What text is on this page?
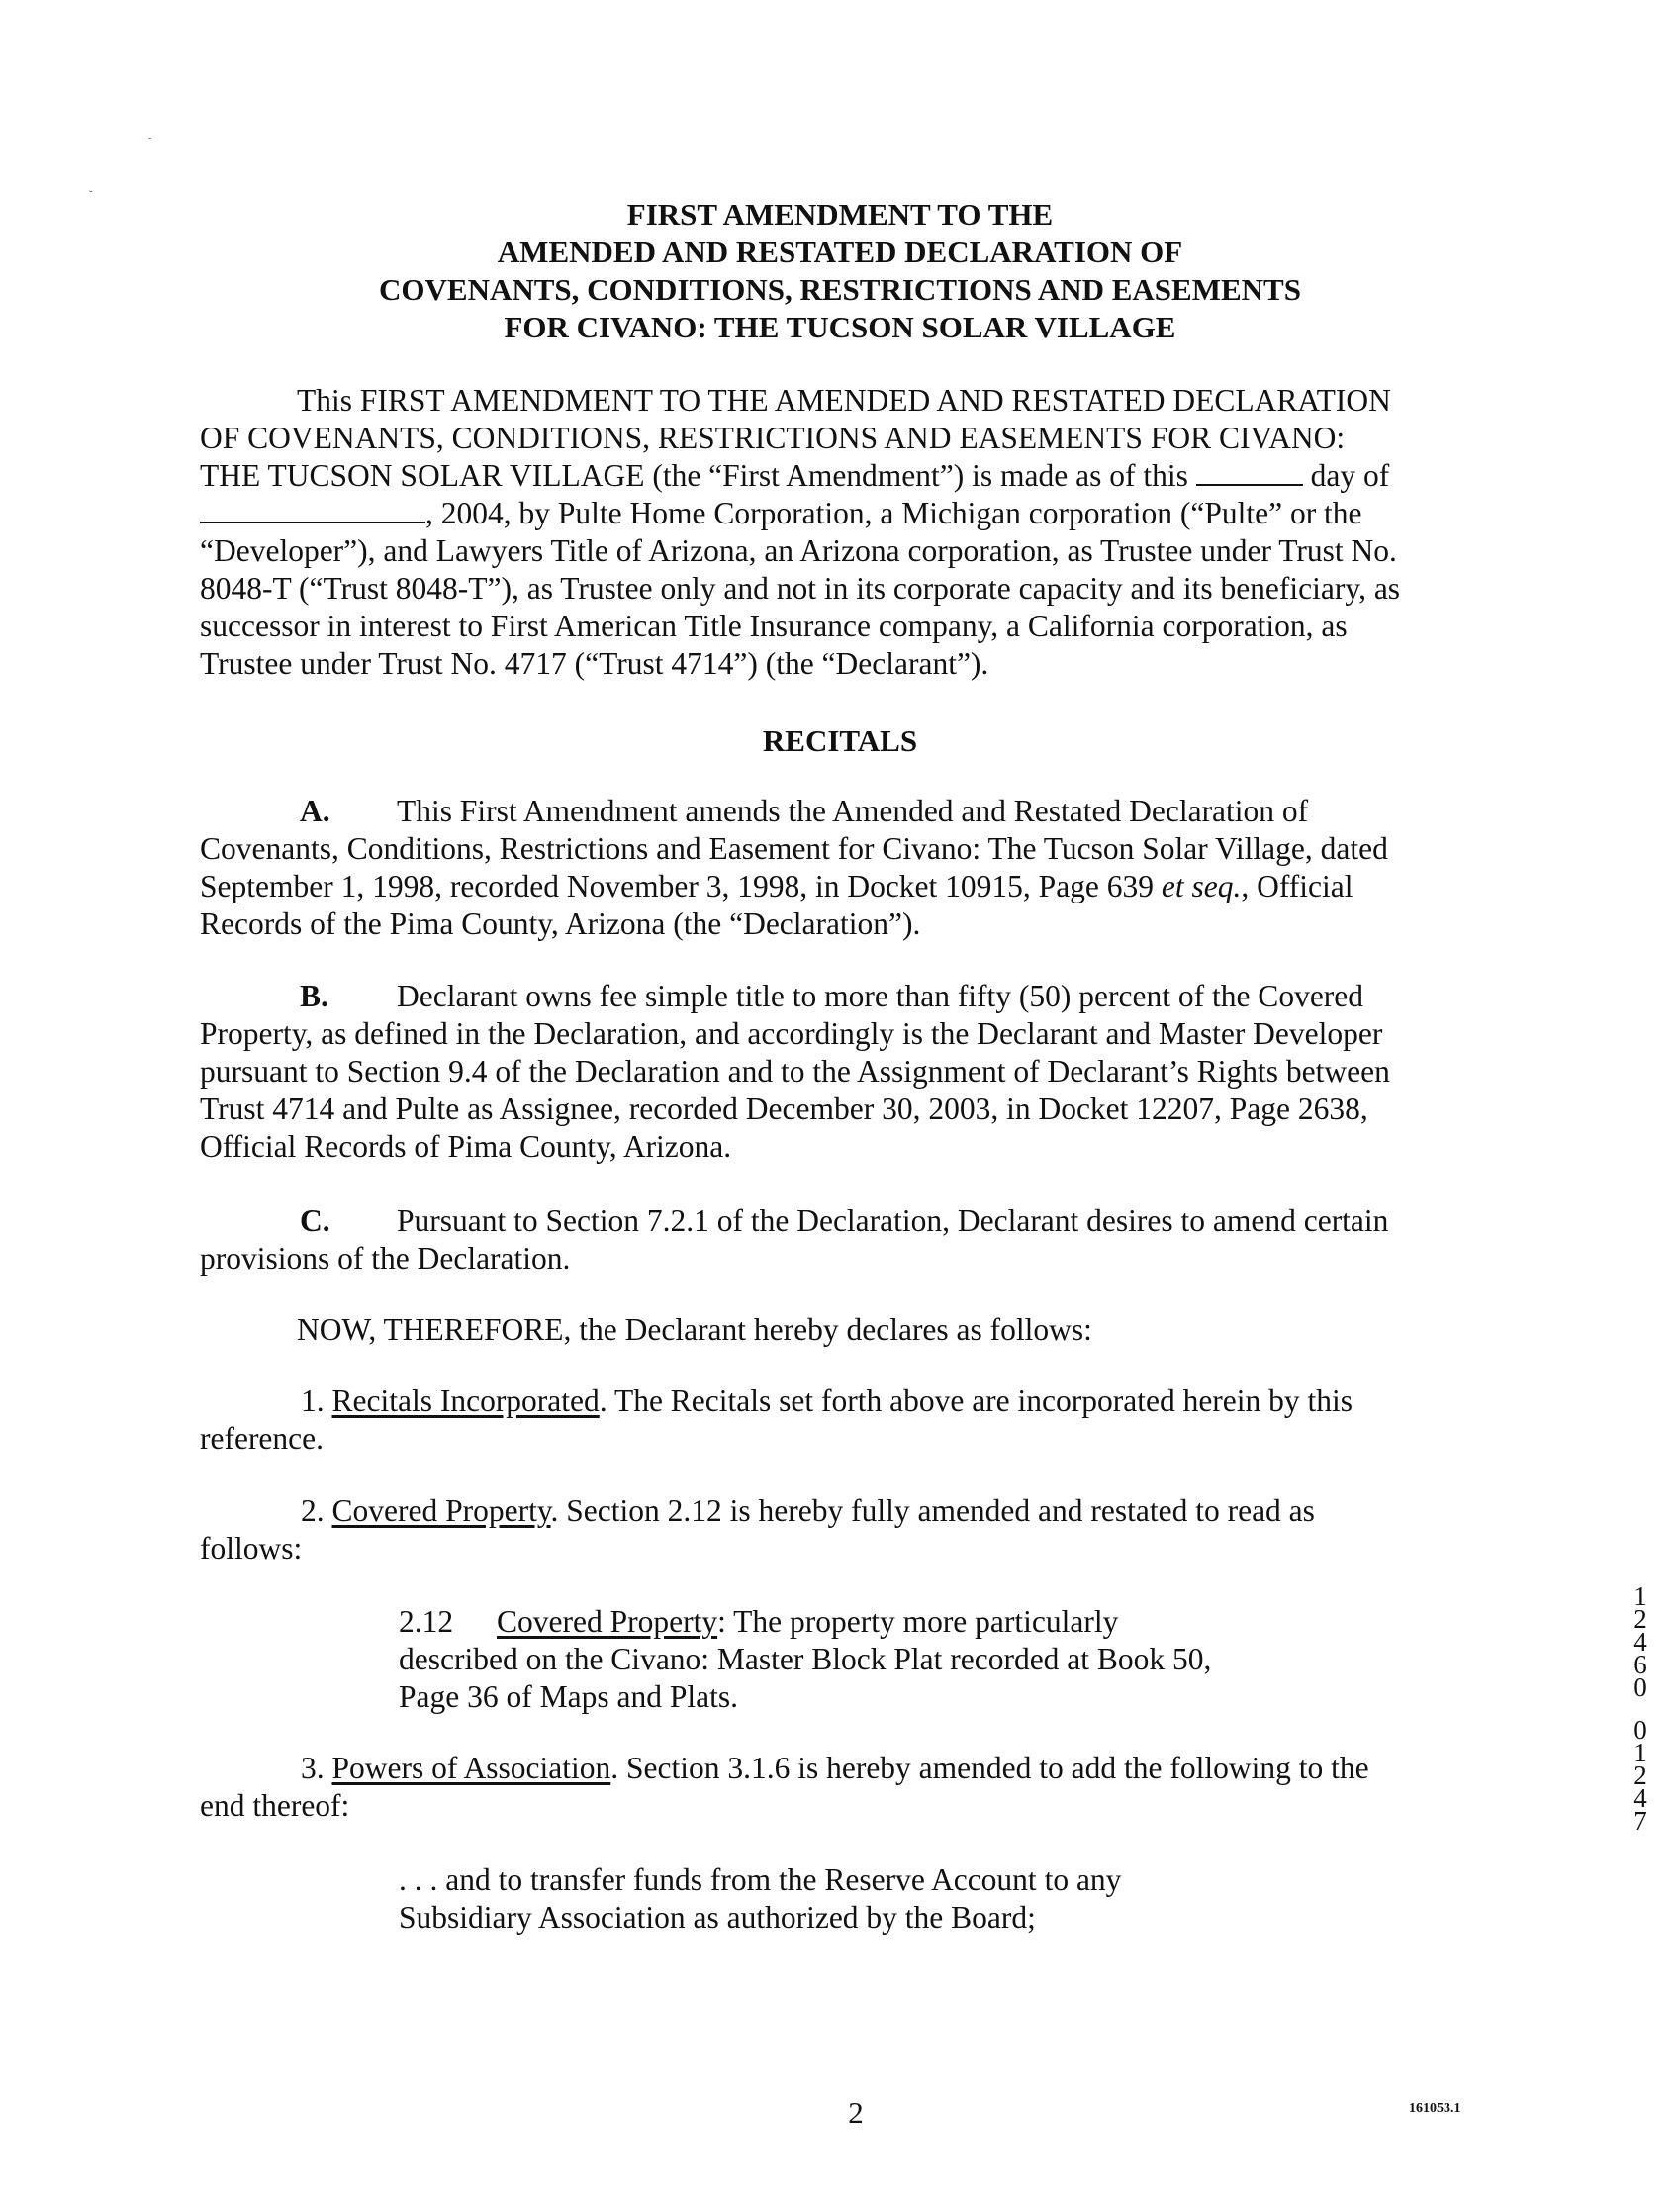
˜
ˇ
FIRST AMENDMENT TO THE
AMENDED AND RESTATED DECLARATION OF
COVENANTS, CONDITIONS, RESTRICTIONS AND EASEMENTS
FOR CIVANO: THE TUCSON SOLAR VILLAGE
This FIRST AMENDMENT TO THE AMENDED AND RESTATED DECLARATION
OF COVENANTS, CONDITIONS, RESTRICTIONS AND EASEMENTS FOR CIVANO:
THE TUCSON SOLAR VILLAGE (the “First Amendment”) is made as of this	day of
, 2004, by Pulte Home Corporation, a Michigan corporation (“Pulte” or the
“Developer”), and Lawyers Title of Arizona, an Arizona corporation, as Trustee under Trust No.
8048-T (“Trust 8048-T”), as Trustee only and not in its corporate capacity and its beneficiary, as
successor in interest to First American Title Insurance company, a California corporation, as
Trustee under Trust No. 4717 (“Trust 4714”) (the “Declarant”).
RECITALS
A. This First Amendment amends the Amended and Restated Declaration of
Covenants, Conditions, Restrictions and Easement for Civano: The Tucson Solar Village, dated
September 1, 1998, recorded November 3, 1998, in Docket 10915, Page 639 et seq., Official
Records of the Pima County, Arizona (the “Declaration”).
B. Declarant owns fee simple title to more than fifty (50) percent of the Covered
Property, as defined in the Declaration, and accordingly is the Declarant and Master Developer
pursuant to Section 9.4 of the Declaration and to the Assignment of Declarant’s Rights between
Trust 4714 and Pulte as Assignee, recorded December 30, 2003, in Docket 12207, Page 2638,
Official Records of Pima County, Arizona.
C. Pursuant to Section 7.2.1 of the Declaration, Declarant desires to amend certain
provisions of the Declaration.
NOW, THEREFORE, the Declarant hereby declares as follows:
1. Recitals Incorporated. The Recitals set forth above are incorporated herein by this
reference.
2. Covered Property. Section 2.12 is hereby fully amended and restated to read as
follows:
2.12 Covered Property: The property more particularly
described on the Civano: Master Block Plat recorded at Book 50,
Page 36 of Maps and Plats.
3. Powers of Association. Section 3.1.6 is hereby amended to add the following to the
end thereof:
. . . and to transfer funds from the Reserve Account to any
Subsidiary Association as authorized by the Board;
1
2
4
6
0
0
1
2
4
7
2	161053.1
